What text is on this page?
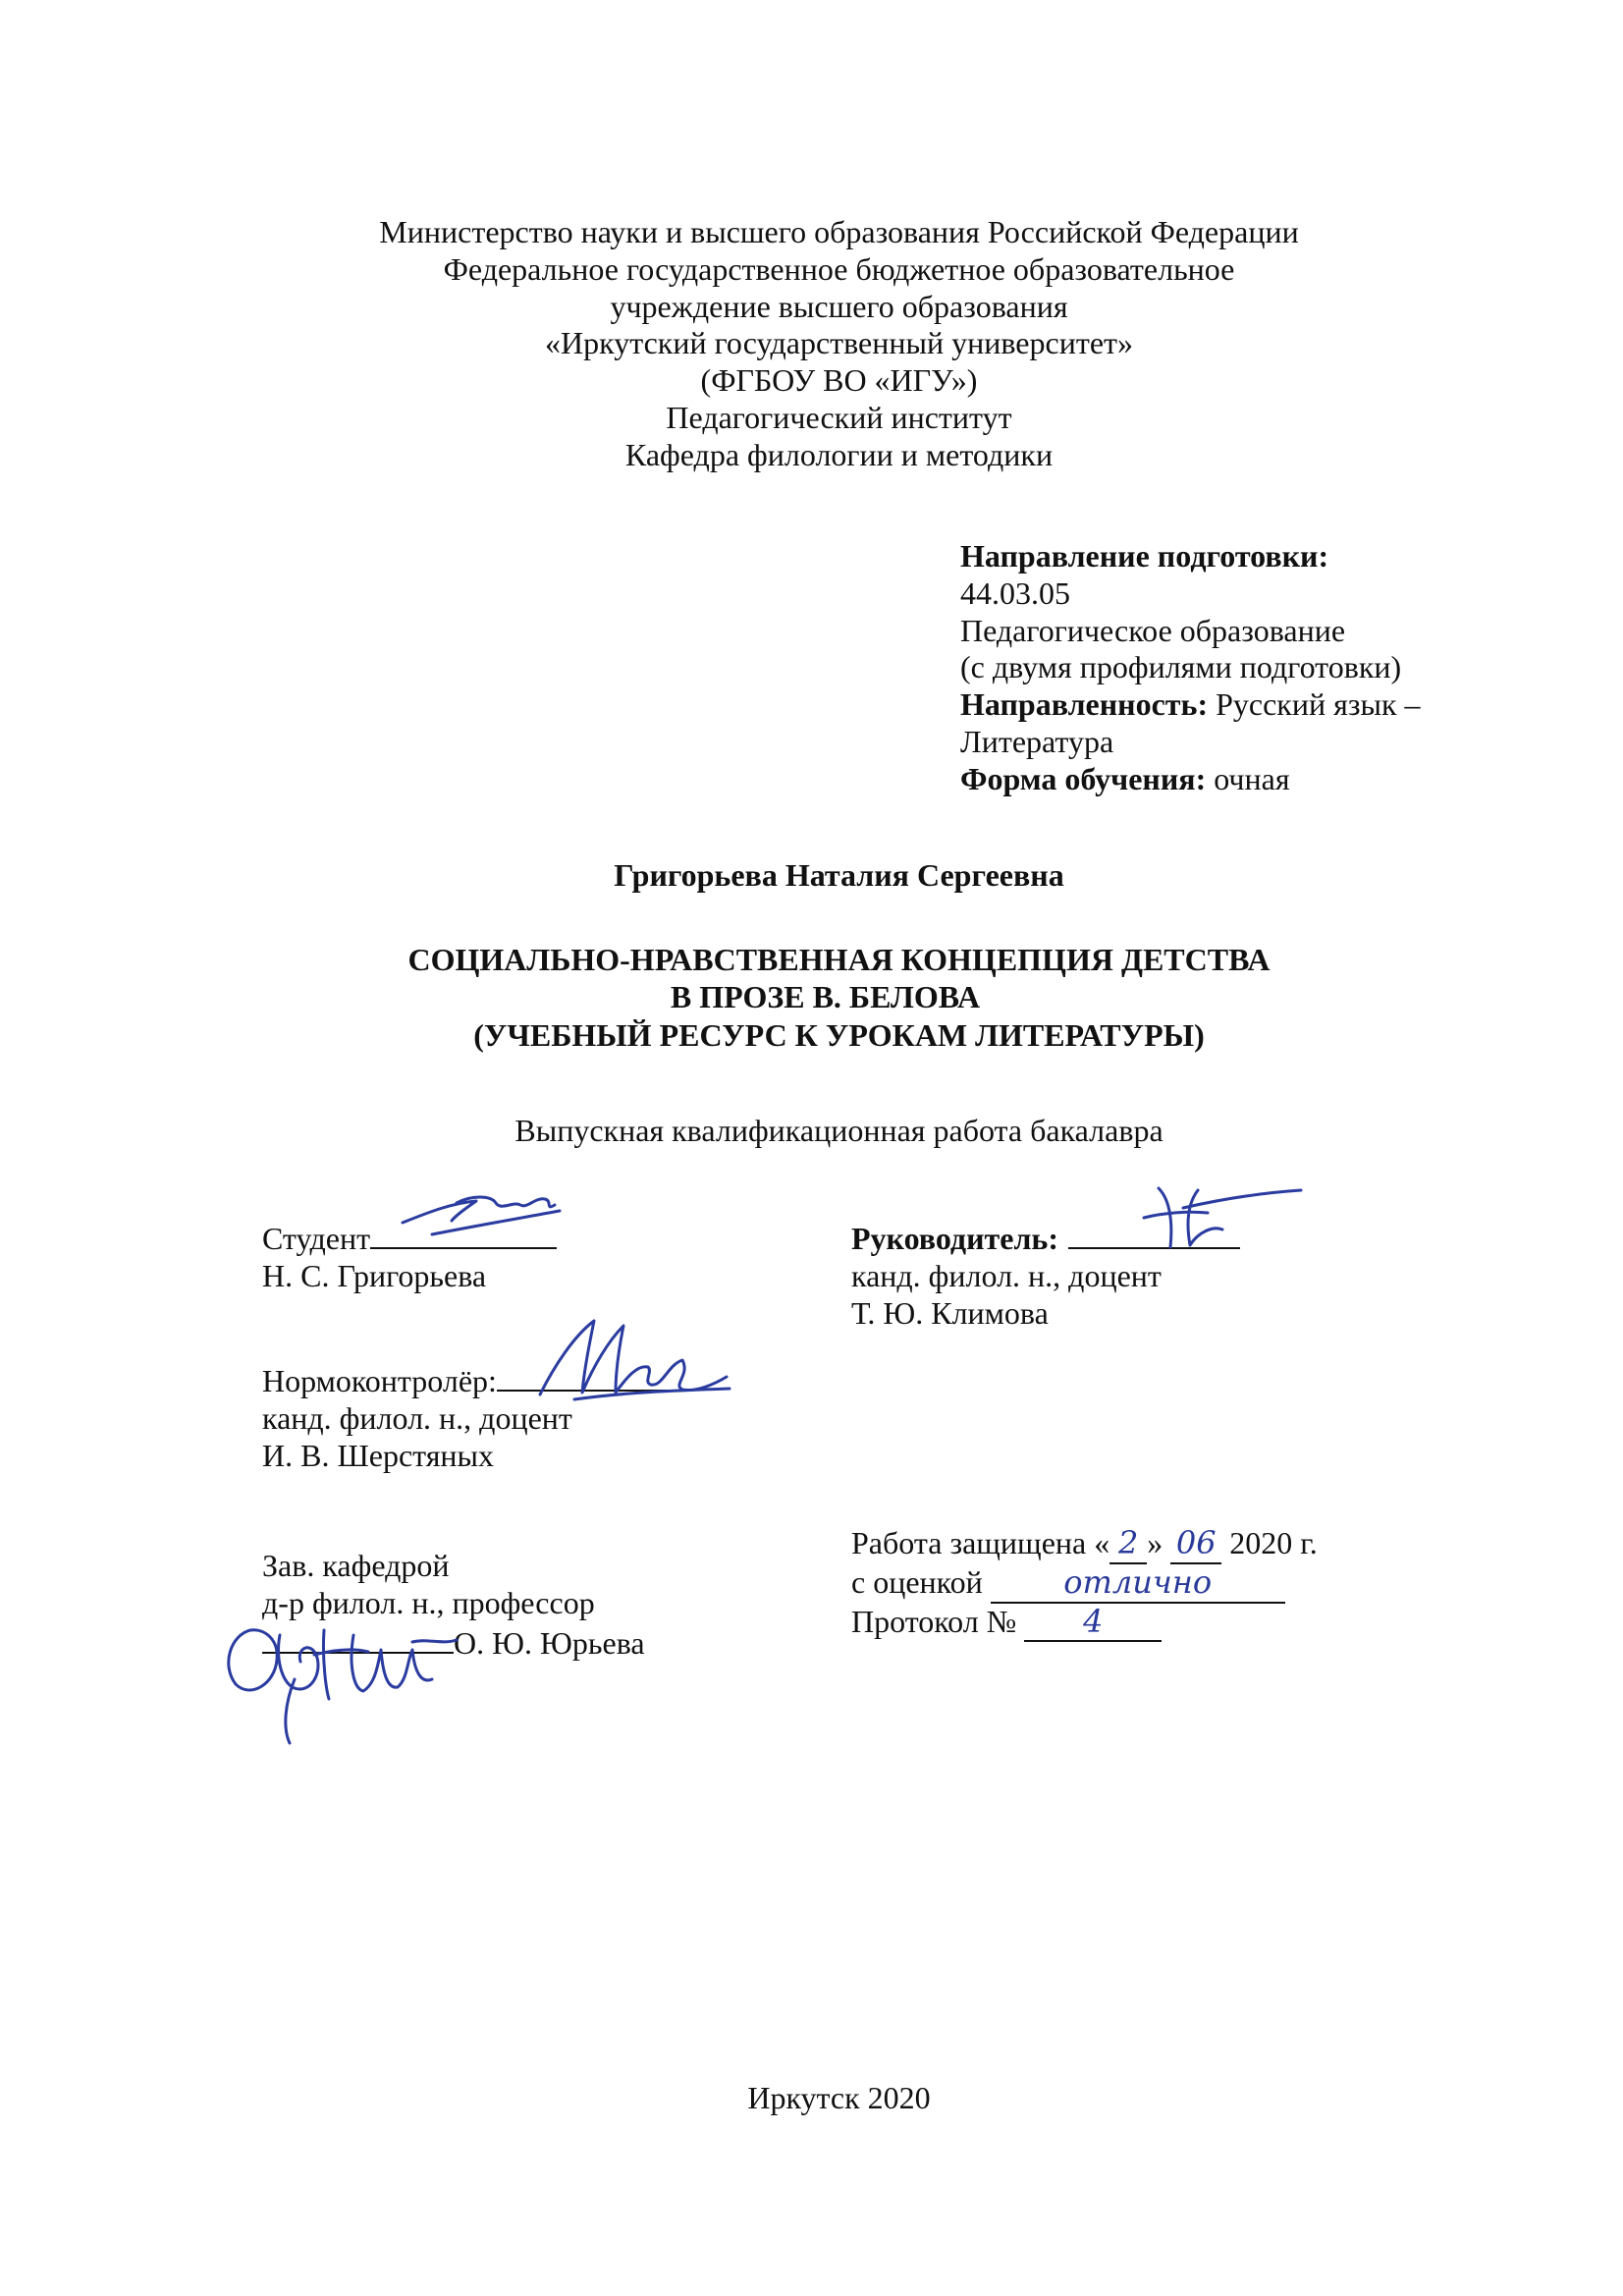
Министерство науки и высшего образования Российской Федерации
Федеральное государственное бюджетное образовательное
учреждение высшего образования
«Иркутский государственный университет»
(ФГБОУ ВО «ИГУ»)
Педагогический институт
Кафедра филологии и методики
Направление подготовки:
44.03.05
Педагогическое образование
(с двумя профилями подготовки)
Направленность: Русский язык –
Литература
Форма обучения: очная
Григорьева Наталия Сергеевна
СОЦИАЛЬНО-НРАВСТВЕННАЯ КОНЦЕПЦИЯ ДЕТСТВА
В ПРОЗЕ В. БЕЛОВА
(УЧЕБНЫЙ РЕСУРС К УРОКАМ ЛИТЕРАТУРЫ)
Выпускная квалификационная работа бакалавра
Студент
Н. С. Григорьева
Руководитель:
канд. филол. н., доцент
Т. Ю. Климова
Нормоконтролёр:
канд. филол. н., доцент
И. В. Шерстяных
Зав. кафедрой
д-р филол. н., профессор
О. Ю. Юрьева
Работа защищена « 2 » 06 2020 г.
с оценкой	отлично
Протокол № 4
Иркутск 2020
